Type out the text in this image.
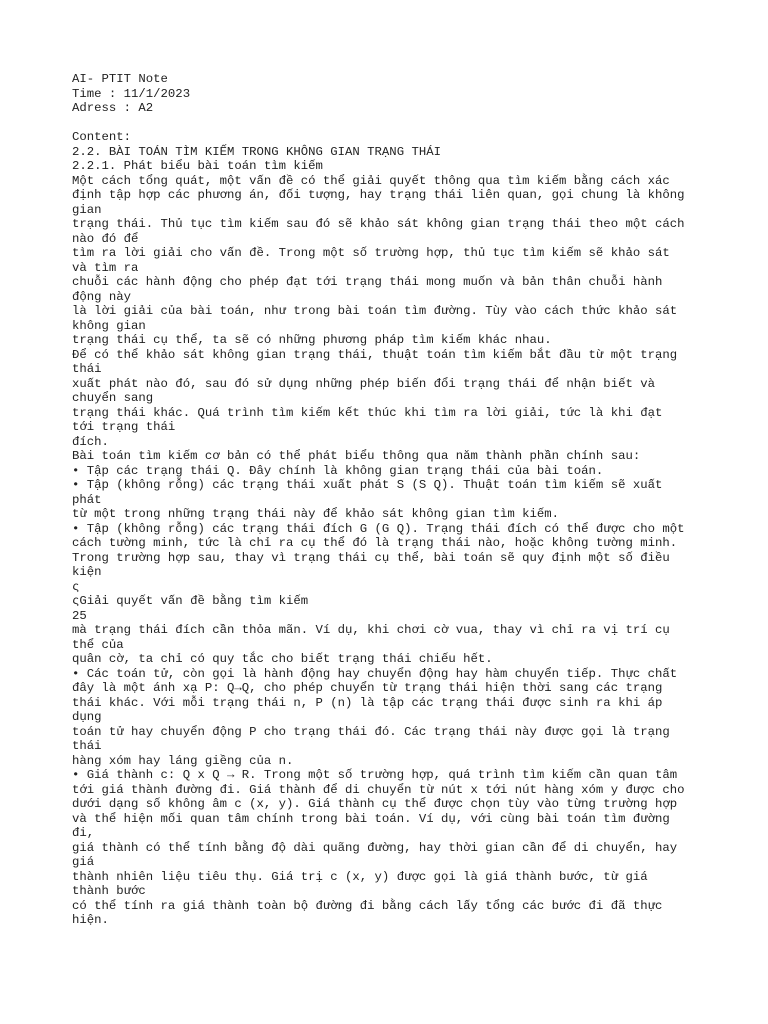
AI- PTIT Note
Time : 11/1/2023
Adress : A2
Content:
2.2. BÀI TOÁN TÌM KIẾM TRONG KHÔNG GIAN TRẠNG THÁI
2.2.1. Phát biểu bài toán tìm kiếm
Một cách tổng quát, một vấn đề có thể giải quyết thông qua tìm kiếm bằng cách xác
định tập hợp các phương án, đối tượng, hay trạng thái liên quan, gọi chung là không
gian
trạng thái. Thủ tục tìm kiếm sau đó sẽ khảo sát không gian trạng thái theo một cách
nào đó để
tìm ra lời giải cho vấn đề. Trong một số trường hợp, thủ tục tìm kiếm sẽ khảo sát
và tìm ra
chuỗi các hành động cho phép đạt tới trạng thái mong muốn và bản thân chuỗi hành
động này
là lời giải của bài toán, như trong bài toán tìm đường. Tùy vào cách thức khảo sát
không gian
trạng thái cụ thể, ta sẽ có những phương pháp tìm kiếm khác nhau.
Để có thể khảo sát không gian trạng thái, thuật toán tìm kiếm bắt đầu từ một trạng
thái
xuất phát nào đó, sau đó sử dụng những phép biến đổi trạng thái để nhận biết và
chuyển sang
trạng thái khác. Quá trình tìm kiếm kết thúc khi tìm ra lời giải, tức là khi đạt
tới trạng thái
đích.
Bài toán tìm kiếm cơ bản có thể phát biểu thông qua năm thành phần chính sau:
• Tập các trạng thái Q. Đây chính là không gian trạng thái của bài toán.
• Tập (không rỗng) các trạng thái xuất phát S (S Q). Thuật toán tìm kiếm sẽ xuất
phát
từ một trong những trạng thái này để khảo sát không gian tìm kiếm.
• Tập (không rỗng) các trạng thái đích G (G Q). Trạng thái đích có thể được cho một
cách tường minh, tức là chỉ ra cụ thể đó là trạng thái nào, hoặc không tường minh.
Trong trường hợp sau, thay vì trạng thái cụ thể, bài toán sẽ quy định một số điều
kiện
ς
ςGiải quyết vấn đề bằng tìm kiếm
25
mà trạng thái đích cần thỏa mãn. Ví dụ, khi chơi cờ vua, thay vì chỉ ra vị trí cụ
thể của
quân cờ, ta chỉ có quy tắc cho biết trạng thái chiếu hết.
• Các toán tử, còn gọi là hành động hay chuyển động hay hàm chuyển tiếp. Thực chất
đây là một ánh xạ P: Q→Q, cho phép chuyển từ trạng thái hiện thời sang các trạng
thái khác. Với mỗi trạng thái n, P (n) là tập các trạng thái được sinh ra khi áp
dụng
toán tử hay chuyển động P cho trạng thái đó. Các trạng thái này được gọi là trạng
thái
hàng xóm hay láng giềng của n.
• Giá thành c: Q x Q → R. Trong một số trường hợp, quá trình tìm kiếm cần quan tâm
tới giá thành đường đi. Giá thành để di chuyển từ nút x tới nút hàng xóm y được cho
dưới dạng số không âm c (x, y). Giá thành cụ thể được chọn tùy vào từng trường hợp
và thể hiện mối quan tâm chính trong bài toán. Ví dụ, với cùng bài toán tìm đường
đi,
giá thành có thể tính bằng độ dài quãng đường, hay thời gian cần để di chuyển, hay
giá
thành nhiên liệu tiêu thụ. Giá trị c (x, y) được gọi là giá thành bước, từ giá
thành bước
có thể tính ra giá thành toàn bộ đường đi bằng cách lấy tổng các bước đi đã thực
hiện.
